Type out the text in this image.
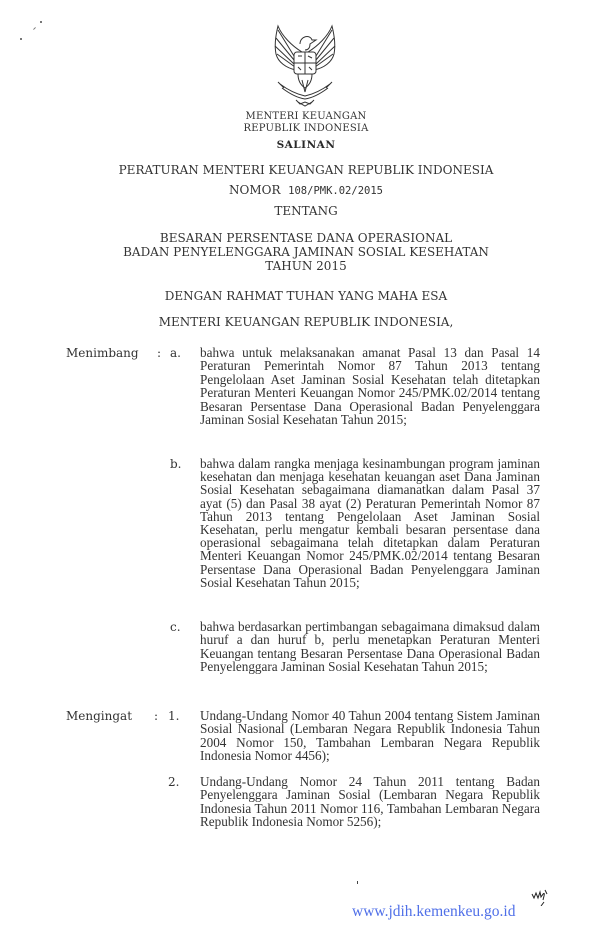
MENTERI KEUANGAN
REPUBLIK INDONESIA
SALINAN
PERATURAN MENTERI KEUANGAN REPUBLIK INDONESIA
NOMOR 108/PMK.02/2015
TENTANG
BESARAN PERSENTASE DANA OPERASIONAL
BADAN PENYELENGGARA JAMINAN SOSIAL KESEHATAN
TAHUN 2015
DENGAN RAHMAT TUHAN YANG MAHA ESA
MENTERI KEUANGAN REPUBLIK INDONESIA,
Menimbang : a. bahwa untuk melaksanakan amanat Pasal 13 dan Pasal 14 Peraturan Pemerintah Nomor 87 Tahun 2013 tentang Pengelolaan Aset Jaminan Sosial Kesehatan telah ditetapkan Peraturan Menteri Keuangan Nomor 245/PMK.02/2014 tentang Besaran Persentase Dana Operasional Badan Penyelenggara Jaminan Sosial Kesehatan Tahun 2015;
b. bahwa dalam rangka menjaga kesinambungan program jaminan kesehatan dan menjaga kesehatan keuangan aset Dana Jaminan Sosial Kesehatan sebagaimana diamanatkan dalam Pasal 37 ayat (5) dan Pasal 38 ayat (2) Peraturan Pemerintah Nomor 87 Tahun 2013 tentang Pengelolaan Aset Jaminan Sosial Kesehatan, perlu mengatur kembali besaran persentase dana operasional sebagaimana telah ditetapkan dalam Peraturan Menteri Keuangan Nomor 245/PMK.02/2014 tentang Besaran Persentase Dana Operasional Badan Penyelenggara Jaminan Sosial Kesehatan Tahun 2015;
c. bahwa berdasarkan pertimbangan sebagaimana dimaksud dalam huruf a dan huruf b, perlu menetapkan Peraturan Menteri Keuangan tentang Besaran Persentase Dana Operasional Badan Penyelenggara Jaminan Sosial Kesehatan Tahun 2015;
Mengingat : 1. Undang-Undang Nomor 40 Tahun 2004 tentang Sistem Jaminan Sosial Nasional (Lembaran Negara Republik Indonesia Tahun 2004 Nomor 150, Tambahan Lembaran Negara Republik Indonesia Nomor 4456);
2. Undang-Undang Nomor 24 Tahun 2011 tentang Badan Penyelenggara Jaminan Sosial (Lembaran Negara Republik Indonesia Tahun 2011 Nomor 116, Tambahan Lembaran Negara Republik Indonesia Nomor 5256);
www.jdih.kemenkeu.go.id
